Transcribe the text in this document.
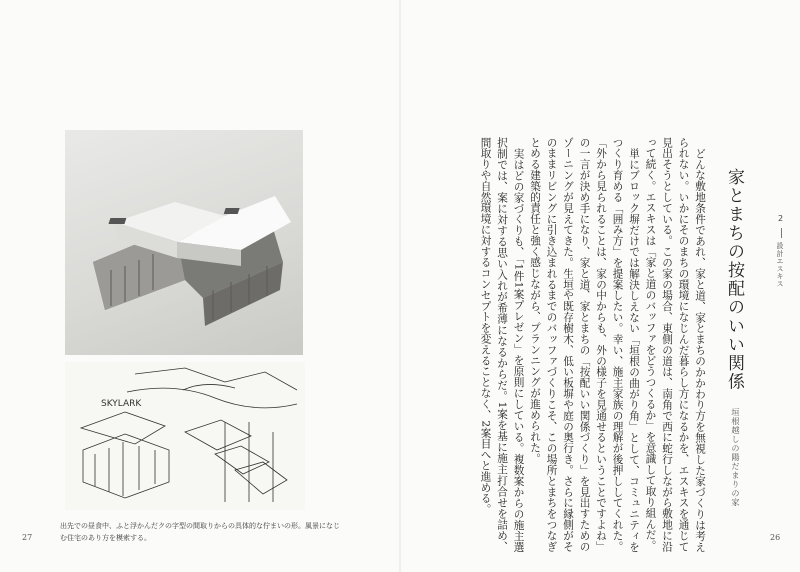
SKYLARK
出先での昼食中、ふと浮かんだクの字型の間取りからの具体的な佇まいの形。風景になじむ住宅のあり方を模索する。	どんな敷地条件であれ、家と道、家とまちのかかわり方を無視した家づくりは考えられない。いかにそのまちの環境になじんだ暮らし方になるかを、エスキスを通じて見出そうとしている。この家の場合、東側の道は、南角で西に蛇行しながら敷地に沿って続く。エスキスは「家と道のバッファをどうつくるか」を意識して取り組んだ。

単にブロック塀だけでは解決しえない「垣根の曲がり角」として、コミュニティをつくり育める「囲み方」を提案したい。幸い、施主家族の理解が後押ししてくれた。「外から見られることは、家の中からも、外の様子を見通せるということですよね」の一言が決め手になり、家と道、家とまちの「按配いい関係づくり」を見出すためのゾーニングが見えてきた。生垣や既存樹木、低い板塀や庭の奥行き。さらに縁側がそのままリビングに引き込まれるまでのバッファづくりこそ、この場所とまちをつなぎとめる建築的責任と強く感じながら、プランニングが進められた。

実はどの家づくりも、「1件1案プレゼン」を原則にしている。複数案からの施主選択制では、案に対する思い入れが希薄になるからだ。1案を基に施主打合せを詰め、間取りや自然環境に対するコンセプトを変えることなく、2案目へと進める。	家とまちの按配のいい関係
垣根越しの陽だまりの家
2
設計エスキス
27	26
